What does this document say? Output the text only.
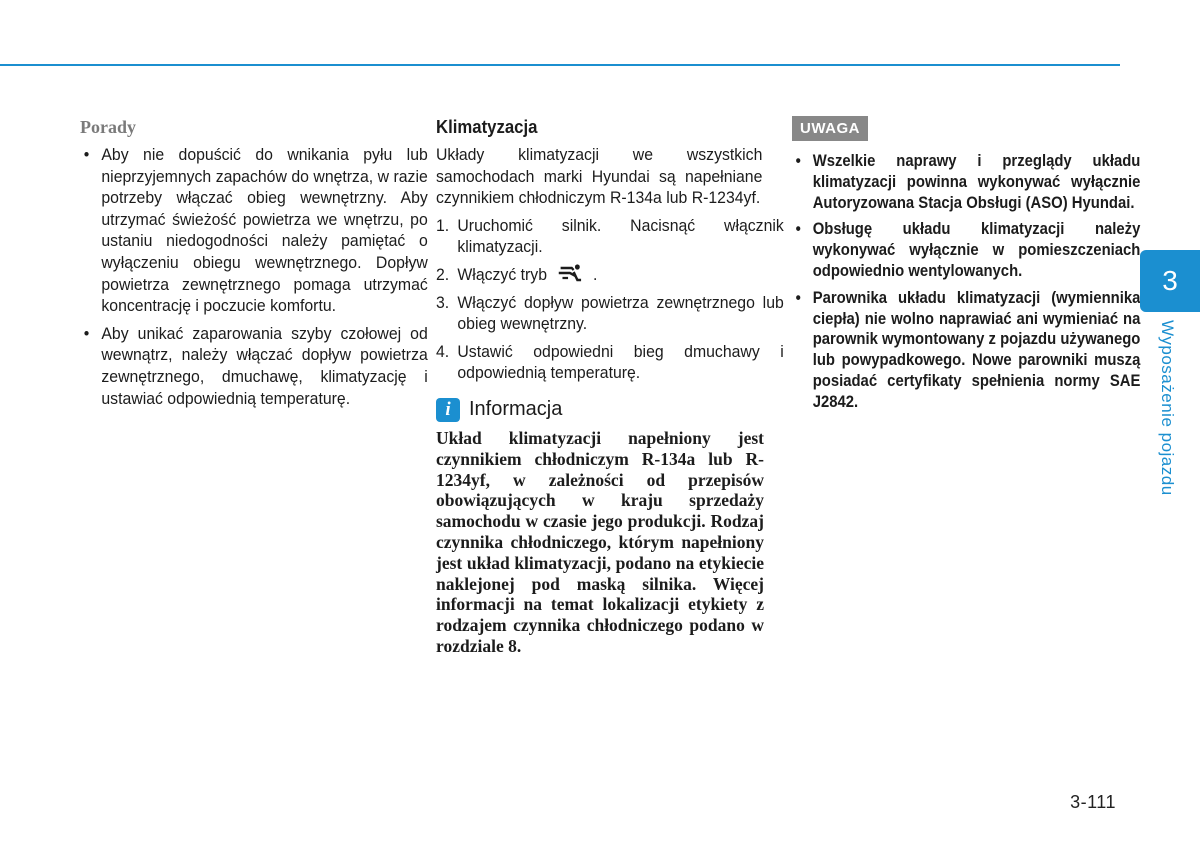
Porady
• Aby nie dopuścić do wnikania pyłu lub nieprzyjemnych zapachów do wnętrza, w razie potrzeby włączać obieg wewnętrzny. Aby utrzymać świeżość powietrza we wnętrzu, po ustaniu niedogodności należy pamiętać o wyłączeniu obiegu wewnętrznego. Dopływ powietrza zewnętrznego pomaga utrzymać koncentrację i poczucie komfortu.
• Aby unikać zaparowania szyby czołowej od wewnątrz, należy włączać dopływ powietrza zewnętrznego, dmuchawę, klimatyzację i ustawiać odpowiednią temperaturę.
Klimatyzacja

Układy klimatyzacji we wszystkich samochodach marki Hyundai są napełniane czynnikiem chłodniczym R-134a lub R-1234yf.

1. Uruchomić silnik. Nacisnąć włącznik klimatyzacji.
2. Włączyć tryb	.
3. Włączyć dopływ powietrza zewnętrznego lub obieg wewnętrzny.
4. Ustawić odpowiedni bieg dmuchawy i odpowiednią temperaturę.
i Informacja

Układ klimatyzacji napełniony jest czynnikiem chłodniczym R-134a lub R-1234yf, w zależności od przepisów obowiązujących w kraju sprzedaży samochodu w czasie jego produkcji. Rodzaj czynnika chłodniczego, którym napełniony jest układ klimatyzacji, podano na etykiecie naklejonej pod maską silnika. Więcej informacji na temat lokalizacji etykiety z rodzajem czynnika chłodniczego podano w rozdziale 8.

UWAGA
• Wszelkie naprawy i przeglądy układu klimatyzacji powinna wykonywać wyłącznie Autoryzowana Stacja Obsługi (ASO) Hyundai.
• Obsługę układu klimatyzacji należy wykonywać wyłącznie w pomieszczeniach odpowiednio wentylowanych.
• Parownika układu klimatyzacji (wymiennika ciepła) nie wolno naprawiać ani wymieniać na parownik wymontowany z pojazdu używanego lub powypadkowego. Nowe parowniki muszą posiadać certyfikaty spełnienia normy SAE J2842.
3
Wyposażenie pojazdu
3-111
